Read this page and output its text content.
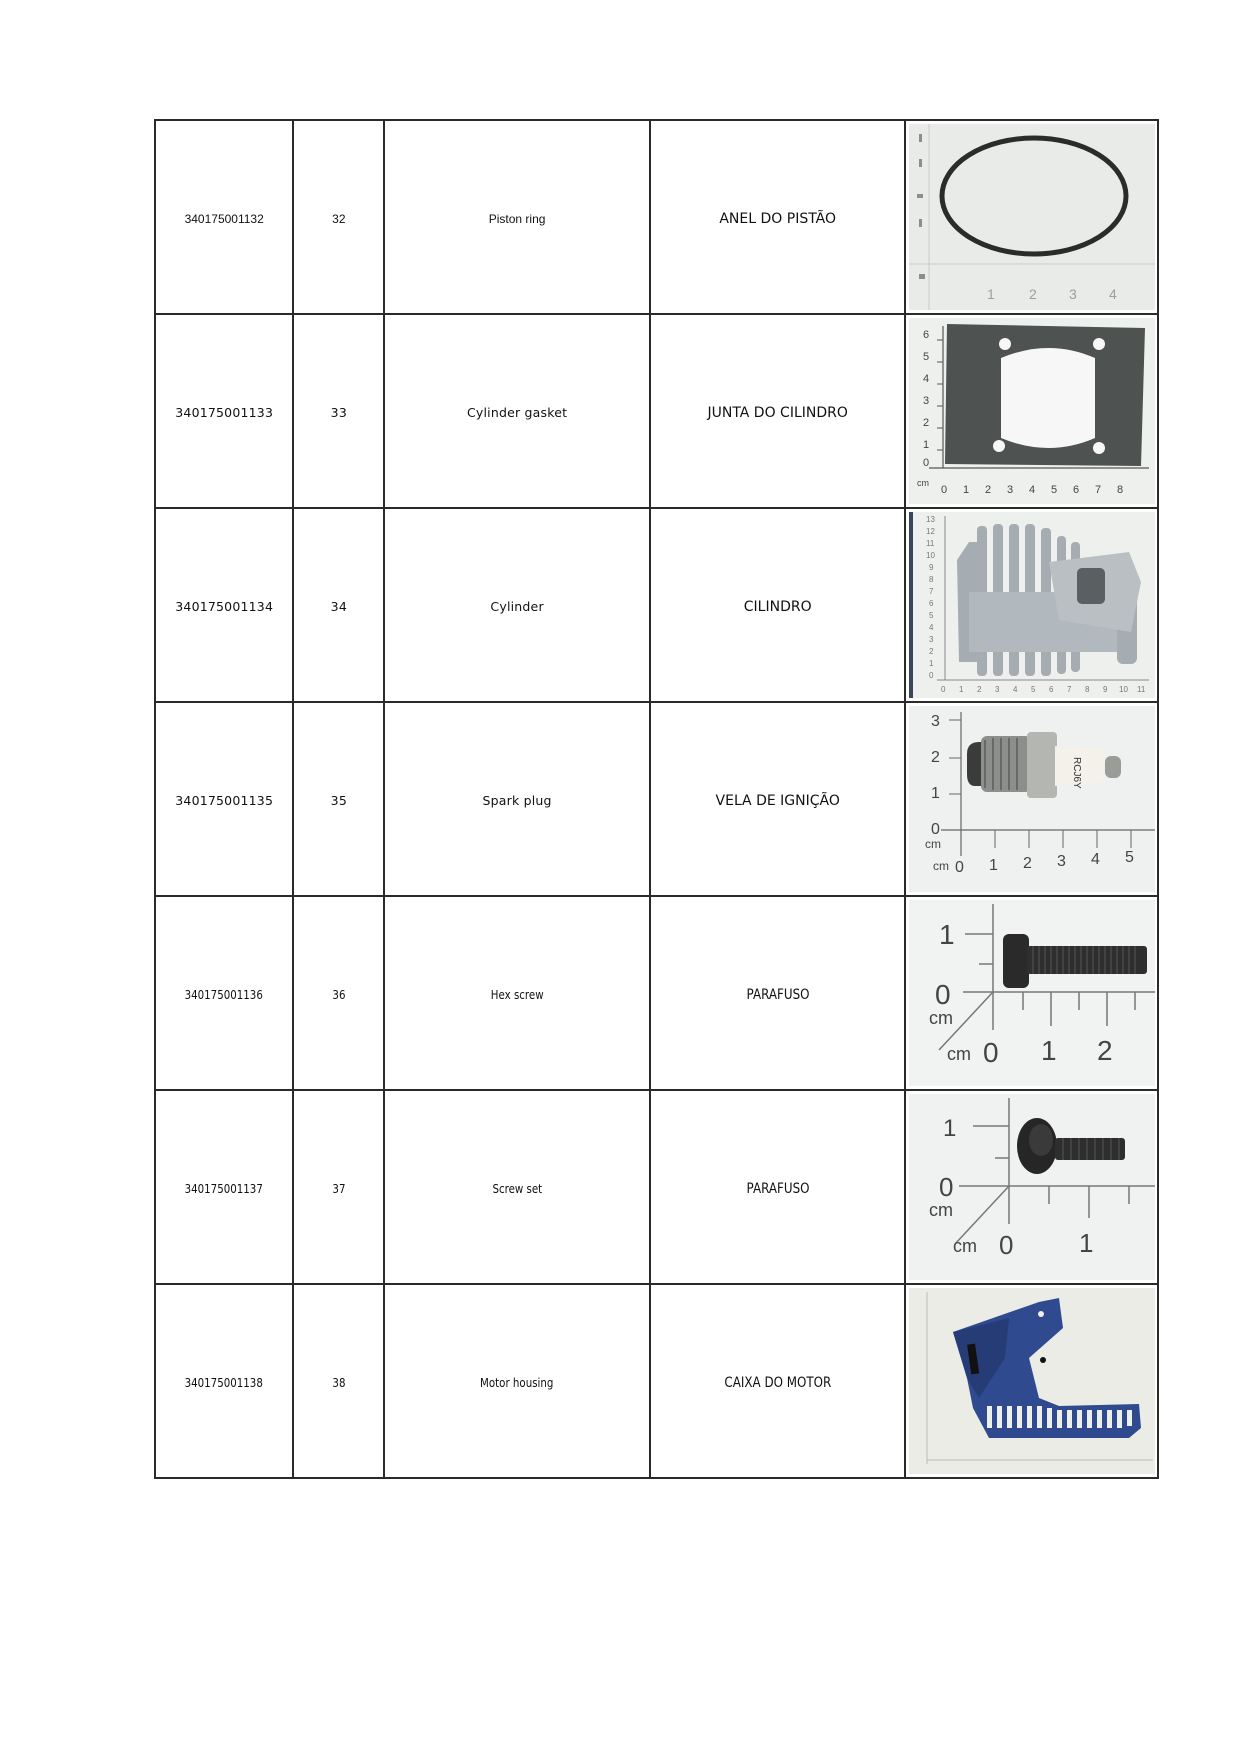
340175001132	32	Piston ring	ANEL DO PISTÃO	1 2 3 4

340175001133	33	Cylinder gasket	JUNTA DO CILINDRO	
0
1
2
3
4
5
6
cm
0 1 2 3 4 5 6 7 8

340175001134	34	Cylinder	CILINDRO	
0
1
2
3
4
5
6
7
8
9
10
11
12
13
0 1 2 3 4 5 6 7 8 9 10 11

340175001135	35	Spark plug	VELA DE IGNIÇÃO	
RCJ6Y
3
2
1
0
cm
cm 0 1 2 3 4 5

340175001136	36	Hex screw	PARAFUSO	
1
0
cm
cm 0 1 2

340175001137	37	Screw set	PARAFUSO	
1
0
cm
cm 0	1

340175001138	38	Motor housing	CAIXA DO MOTOR	
